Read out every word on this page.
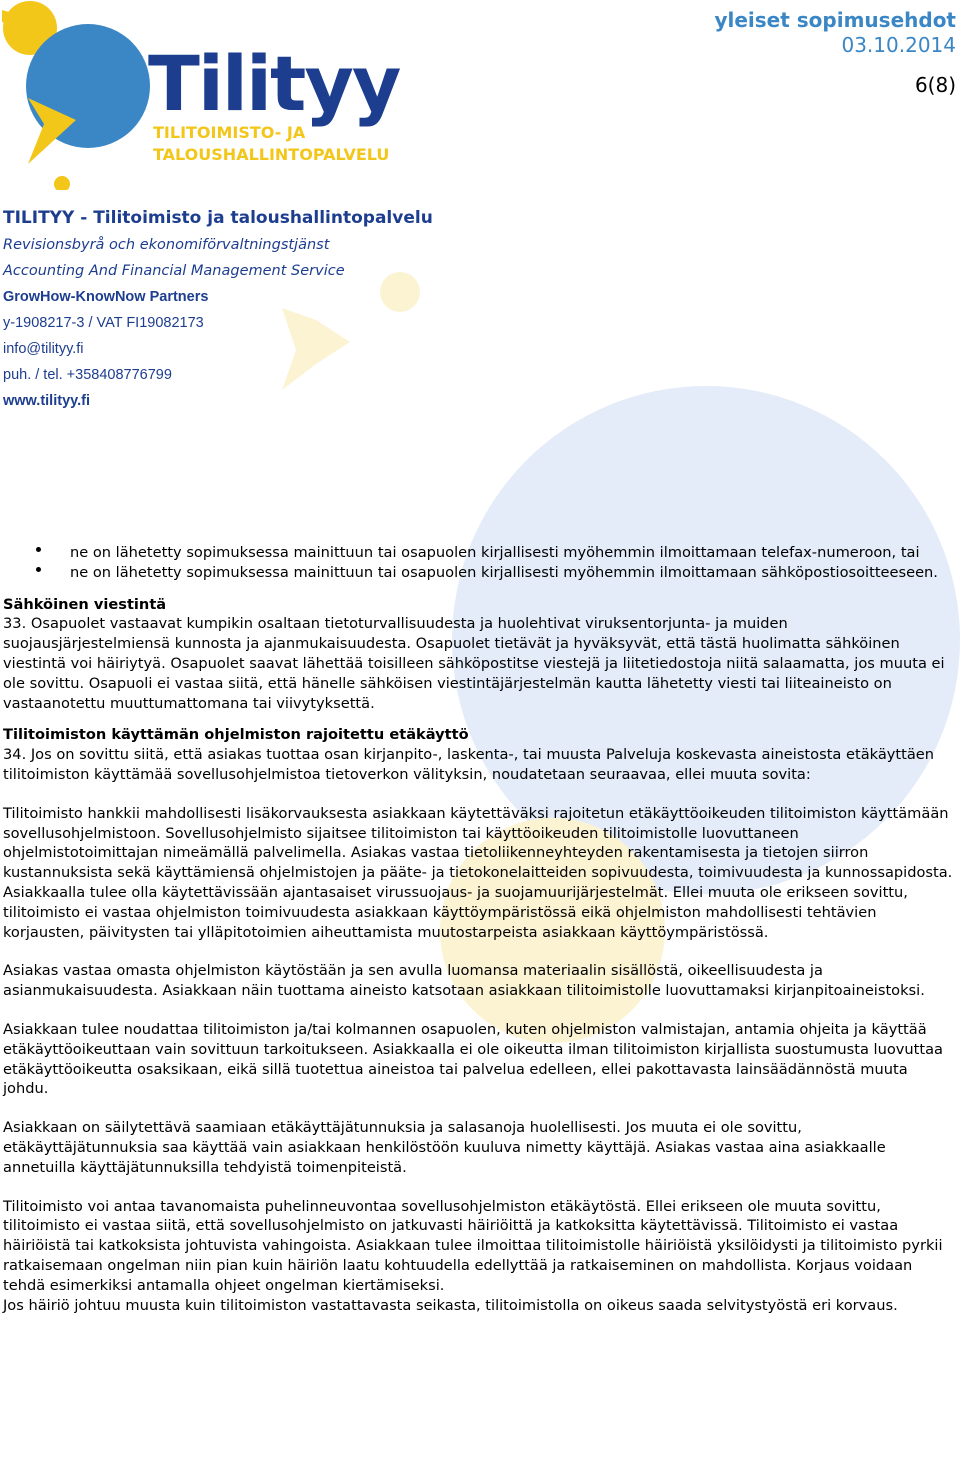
Tilityy
TILITOIMISTO- JA
TALOUSHALLINTOPALVELU
yleiset sopimusehdot
03.10.2014
6(8)
TILITYY - Tilitoimisto ja taloushallintopalvelu
Revisionsbyrå och ekonomiförvaltningstjänst
Accounting And Financial Management Service
GrowHow-KnowNow Partners
y-1908217-3 / VAT FI19082173
info@tilityy.fi
puh. / tel. +358408776799
www.tilityy.fi
ne on lähetetty sopimuksessa mainittuun tai osapuolen kirjallisesti myöhemmin ilmoittamaan telefax-numeroon, tai
ne on lähetetty sopimuksessa mainittuun tai osapuolen kirjallisesti myöhemmin ilmoittamaan sähköpostiosoitteeseen.

Sähköinen viestintä

33. Osapuolet vastaavat kumpikin osaltaan tietoturvallisuudesta ja huolehtivat viruksentorjunta- ja muiden suojausjärjestelmiensä kunnosta ja ajanmukaisuudesta. Osapuolet tietävät ja hyväksyvät, että tästä huolimatta sähköinen viestintä voi häiriytyä. Osapuolet saavat lähettää toisilleen sähköpostitse viestejä ja liitetiedostoja niitä salaamatta, jos muuta ei ole sovittu. Osapuoli ei vastaa siitä, että hänelle sähköisen viestintäjärjestelmän kautta lähetetty viesti tai liiteaineisto on vastaanotettu muuttumattomana tai viivytyksettä.

Tilitoimiston käyttämän ohjelmiston rajoitettu etäkäyttö

34. Jos on sovittu siitä, että asiakas tuottaa osan kirjanpito-, laskenta-, tai muusta Palveluja koskevasta aineistosta etäkäyttäen tilitoimiston käyttämää sovellusohjelmistoa tietoverkon välityksin, noudatetaan seuraavaa, ellei muuta sovita:

Tilitoimisto hankkii mahdollisesti lisäkorvauksesta asiakkaan käytettäväksi rajoitetun etäkäyttöoikeuden tilitoimiston käyttämään sovellusohjelmistoon. Sovellusohjelmisto sijaitsee tilitoimiston tai käyttöoikeuden tilitoimistolle luovuttaneen ohjelmistotoimittajan nimeämällä palvelimella. Asiakas vastaa tietoliikenneyhteyden rakentamisesta ja tietojen siirron kustannuksista sekä käyttämiensä ohjelmistojen ja pääte- ja tietokonelaitteiden sopivuudesta, toimivuudesta ja kunnossapidosta. Asiakkaalla tulee olla käytettävissään ajantasaiset virussuojaus- ja suojamuurijärjestelmät. Ellei muuta ole erikseen sovittu, tilitoimisto ei vastaa ohjelmiston toimivuudesta asiakkaan käyttöympäristössä eikä ohjelmiston mahdollisesti tehtävien korjausten, päivitysten tai ylläpitotoimien aiheuttamista muutostarpeista asiakkaan käyttöympäristössä.

Asiakas vastaa omasta ohjelmiston käytöstään ja sen avulla luomansa materiaalin sisällöstä, oikeellisuudesta ja asianmukaisuudesta. Asiakkaan näin tuottama aineisto katsotaan asiakkaan tilitoimistolle luovuttamaksi kirjanpitoaineistoksi.

Asiakkaan tulee noudattaa tilitoimiston ja/tai kolmannen osapuolen, kuten ohjelmiston valmistajan, antamia ohjeita ja käyttää etäkäyttöoikeuttaan vain sovittuun tarkoitukseen. Asiakkaalla ei ole oikeutta ilman tilitoimiston kirjallista suostumusta luovuttaa etäkäyttöoikeutta osaksikaan, eikä sillä tuotettua aineistoa tai palvelua edelleen, ellei pakottavasta lainsäädännöstä muuta johdu.

Asiakkaan on säilytettävä saamiaan etäkäyttäjätunnuksia ja salasanoja huolellisesti. Jos muuta ei ole sovittu, etäkäyttäjätunnuksia saa käyttää vain asiakkaan henkilöstöön kuuluva nimetty käyttäjä. Asiakas vastaa aina asiakkaalle annetuilla käyttäjätunnuksilla tehdyistä toimenpiteistä.

Tilitoimisto voi antaa tavanomaista puhelinneuvontaa sovellusohjelmiston etäkäytöstä. Ellei erikseen ole muuta sovittu, tilitoimisto ei vastaa siitä, että sovellusohjelmisto on jatkuvasti häiriöittä ja katkoksitta käytettävissä. Tilitoimisto ei vastaa häiriöistä tai katkoksista johtuvista vahingoista. Asiakkaan tulee ilmoittaa tilitoimistolle häiriöistä yksilöidysti ja tilitoimisto pyrkii ratkaisemaan ongelman niin pian kuin häiriön laatu kohtuudella edellyttää ja ratkaiseminen on mahdollista. Korjaus voidaan tehdä esimerkiksi antamalla ohjeet ongelman kiertämiseksi.

Jos häiriö johtuu muusta kuin tilitoimiston vastattavasta seikasta, tilitoimistolla on oikeus saada selvitystyöstä eri korvaus.
